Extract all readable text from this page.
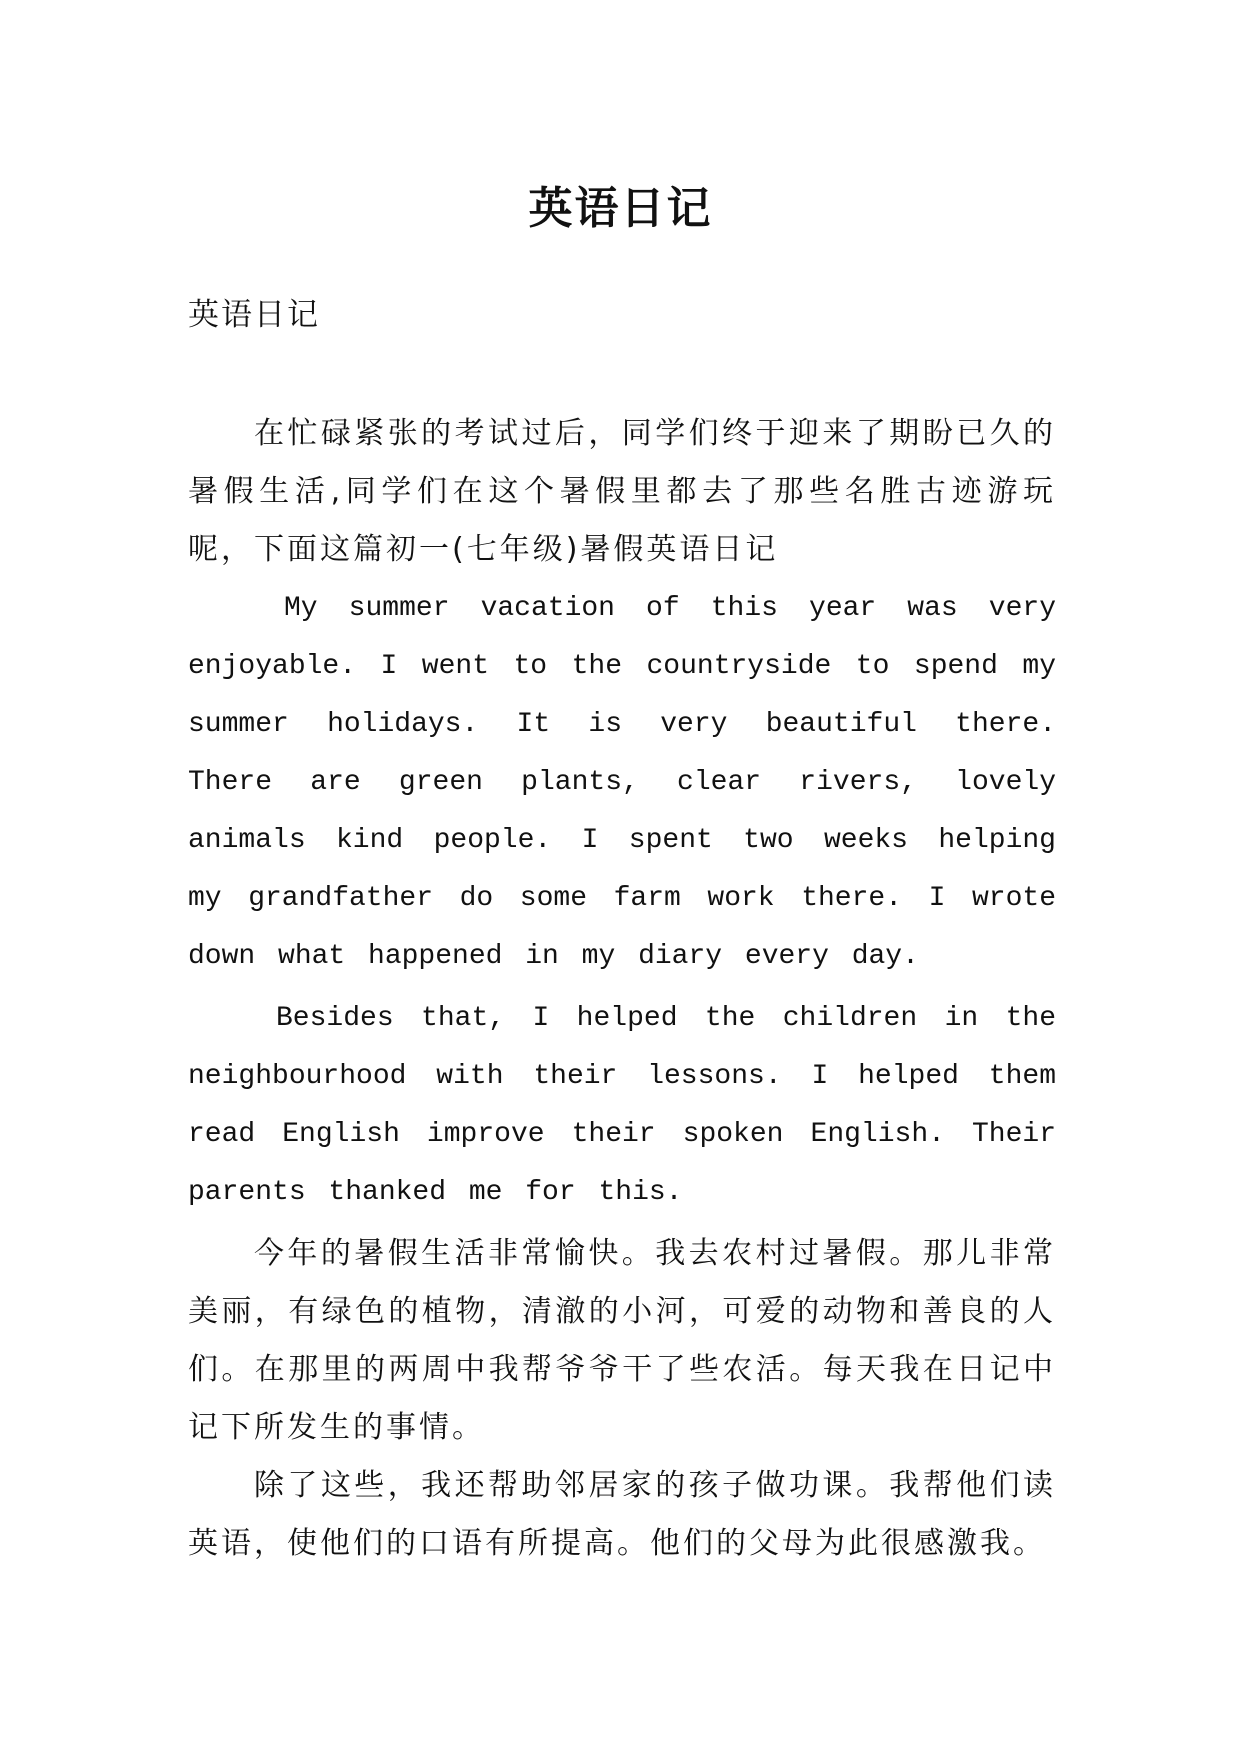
英语日记
英语日记

在忙碌紧张的考试过后，同学们终于迎来了期盼已久的暑假生活,同学们在这个暑假里都去了那些名胜古迹游玩呢，下面这篇初一(七年级)暑假英语日记

My summer vacation of this year was very enjoyable. I went to the countryside to spend my summer holidays. It is very beautiful there. There are green plants, clear rivers, lovely animals kind people. I spent two weeks helping my grandfather do some farm work there. I wrote down what happened in my diary every day.

Besides that, I helped the children in the neighbourhood with their lessons. I helped them read English improve their spoken English. Their parents thanked me for this.

今年的暑假生活非常愉快。我去农村过暑假。那儿非常美丽，有绿色的植物，清澈的小河，可爱的动物和善良的人们。在那里的两周中我帮爷爷干了些农活。每天我在日记中记下所发生的事情。

除了这些，我还帮助邻居家的孩子做功课。我帮他们读英语，使他们的口语有所提高。他们的父母为此很感激我。
